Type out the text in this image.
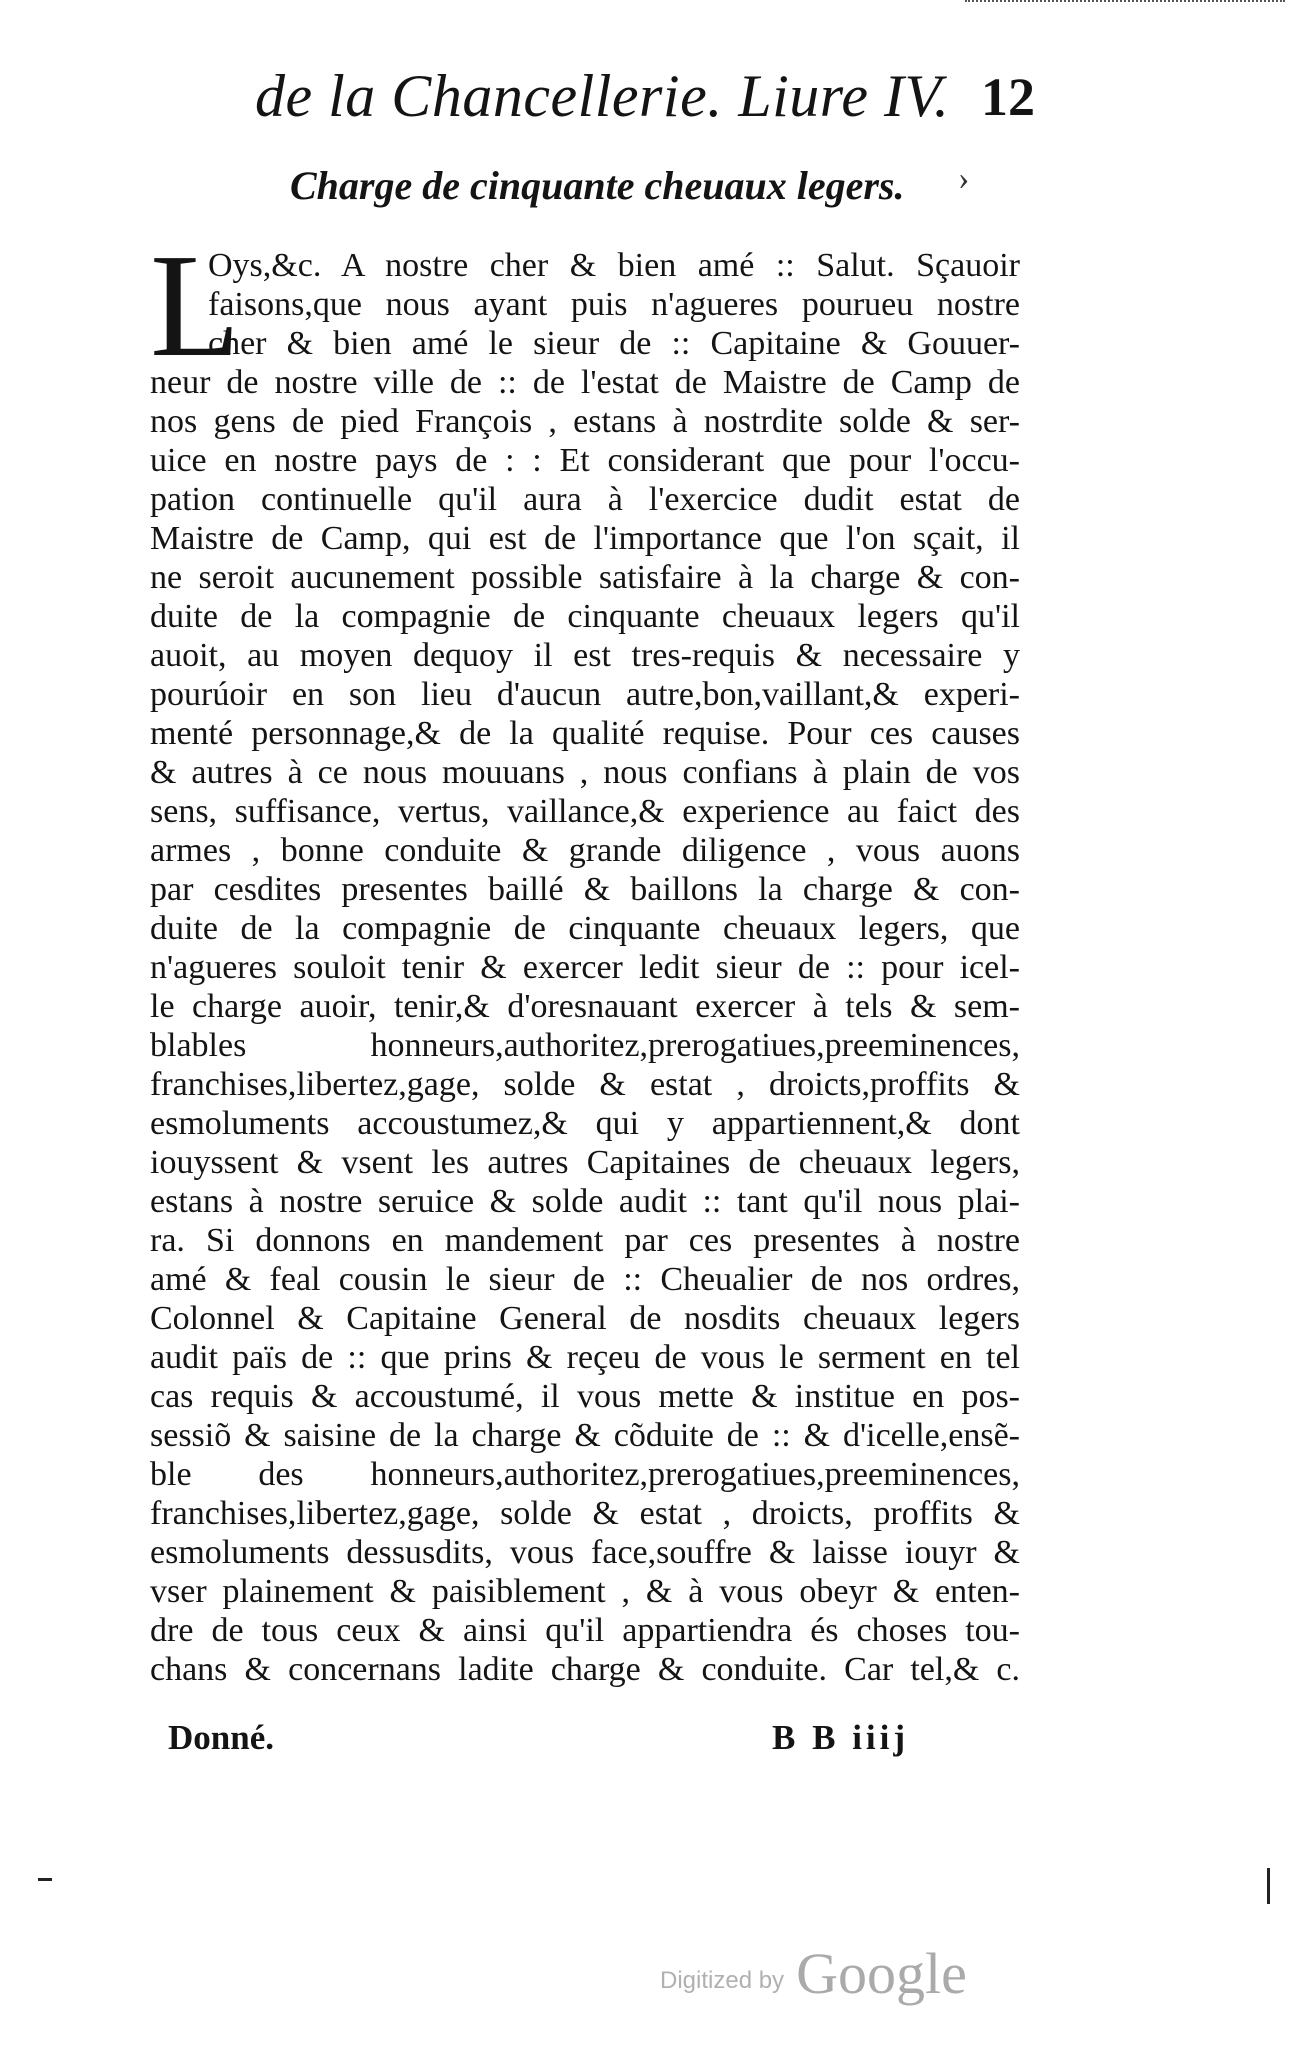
de la Chancellerie. Liure IV. 12
Charge de cinquante cheuaux legers. ›
L
Oys,&c. A nostre cher & bien amé :: Salut. Sçauoir
faisons,que nous ayant puis n'agueres pourueu nostre
cher & bien amé le sieur de :: Capitaine & Gouuer-
neur de nostre ville de :: de l'estat de Maistre de Camp de
nos gens de pied François , estans à nostrdite solde & ser-
uice en nostre pays de : : Et considerant que pour l'occu-
pation continuelle qu'il aura à l'exercice dudit estat de
Maistre de Camp, qui est de l'importance que l'on sçait, il
ne seroit aucunement possible satisfaire à la charge & con-
duite de la compagnie de cinquante cheuaux legers qu'il
auoit, au moyen dequoy il est tres-requis & necessaire y
pourúoir en son lieu d'aucun autre,bon,vaillant,& experi-
menté personnage,& de la qualité requise. Pour ces causes
& autres à ce nous mouuans , nous confians à plain de vos
sens, suffisance, vertus, vaillance,& experience au faict des
armes , bonne conduite & grande diligence , vous auons
par cesdites presentes baillé & baillons la charge & con-
duite de la compagnie de cinquante cheuaux legers, que
n'agueres souloit tenir & exercer ledit sieur de :: pour icel-
le charge auoir, tenir,& d'oresnauant exercer à tels & sem-
blables honneurs,authoritez,prerogatiues,preeminences,
franchises,libertez,gage, solde & estat , droicts,proffits &
esmoluments accoustumez,& qui y appartiennent,& dont
iouyssent & vsent les autres Capitaines de cheuaux legers,
estans à nostre seruice & solde audit :: tant qu'il nous plai-
ra. Si donnons en mandement par ces presentes à nostre
amé & feal cousin le sieur de :: Cheualier de nos ordres,
Colonnel & Capitaine General de nosdits cheuaux legers
audit païs de :: que prins & reçeu de vous le serment en tel
cas requis & accoustumé, il vous mette & institue en pos-
sessiõ & saisine de la charge & cõduite de :: & d'icelle,ensẽ-
ble des honneurs,authoritez,prerogatiues,preeminences,
franchises,libertez,gage, solde & estat , droicts, proffits &
esmoluments dessusdits, vous face,souffre & laisse iouyr &
vser plainement & paisiblement , & à vous obeyr & enten-
dre de tous ceux & ainsi qu'il appartiendra és choses tou-
chans & concernans ladite charge & conduite. Car tel,& c.
Donné.	B B iiij
Digitized by Google
